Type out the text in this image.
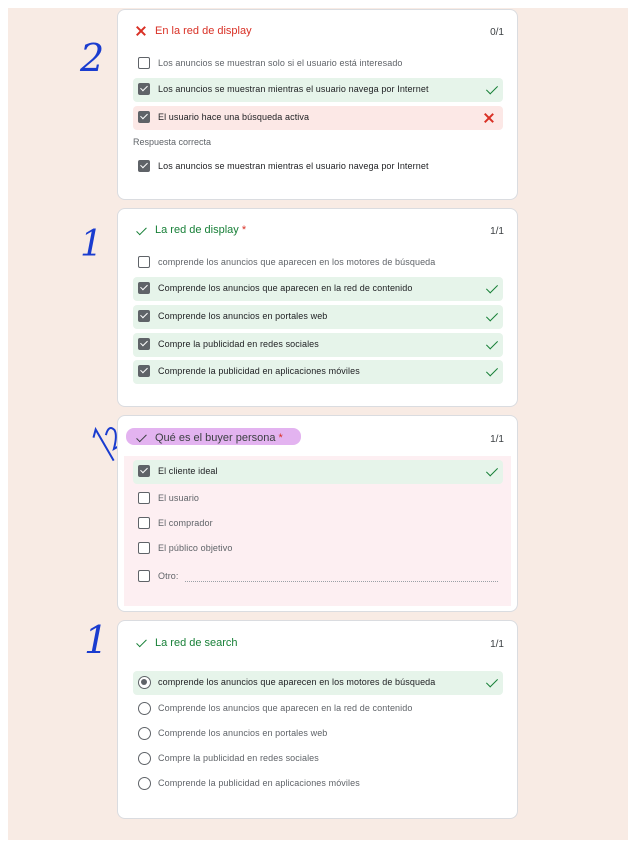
2
1
1
Los anuncios se muestran solo si el usuario está interesado
Los anuncios se muestran mientras el usuario navega por Internet
El usuario hace una búsqueda activa
Los anuncios se muestran mientras el usuario navega por Internet
En la red de display	0/1
Respuesta correcta
comprende los anuncios que aparecen en los motores de búsqueda
Comprende los anuncios que aparecen en la red de contenido
Comprende los anuncios en portales web
Compre la publicidad en redes sociales
Comprende la publicidad en aplicaciones móviles
La red de display *	1/1
El cliente ideal
El usuario
El comprador
El público objetivo
Otro:
Qué es el buyer persona *	1/1
comprende los anuncios que aparecen en los motores de búsqueda
Comprende los anuncios que aparecen en la red de contenido
Comprende los anuncios en portales web
Compre la publicidad en redes sociales
Comprende la publicidad en aplicaciones móviles
La red de search	1/1
